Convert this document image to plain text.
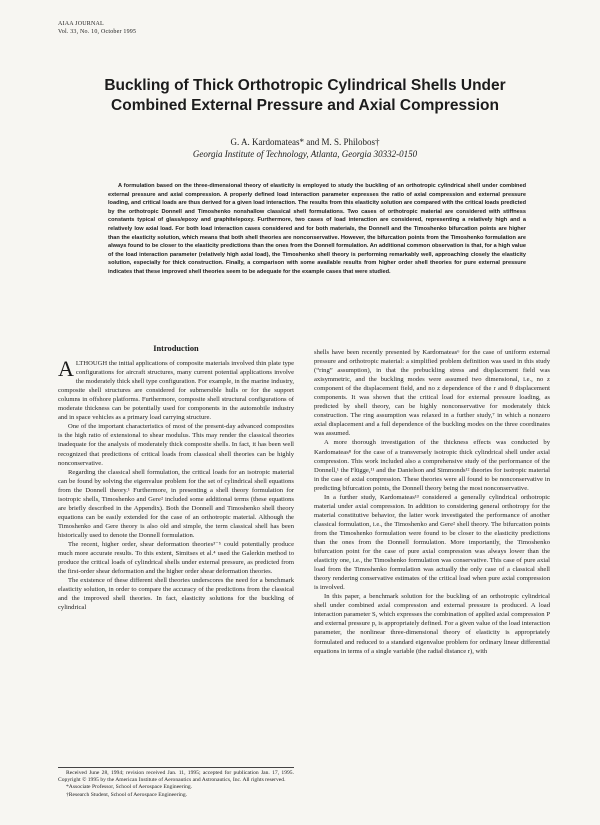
AIAA JOURNAL
Vol. 33, No. 10, October 1995
Buckling of Thick Orthotropic Cylindrical Shells Under
Combined External Pressure and Axial Compression
G. A. Kardomateas* and M. S. Philobos†
Georgia Institute of Technology, Atlanta, Georgia 30332-0150

A formulation based on the three-dimensional theory of elasticity is employed to study the buckling of an orthotropic cylindrical shell under combined external pressure and axial compression. A properly defined load interaction parameter expresses the ratio of axial compression and external pressure loading, and critical loads are thus derived for a given load interaction. The results from this elasticity solution are compared with the critical loads predicted by the orthotropic Donnell and Timoshenko nonshallow classical shell formulations. Two cases of orthotropic material are considered with stiffness constants typical of glass/epoxy and graphite/epoxy. Furthermore, two cases of load interaction are considered, representing a relatively high and a relatively low axial load. For both load interaction cases considered and for both materials, the Donnell and the Timoshenko bifurcation points are higher than the elasticity solution, which means that both shell theories are nonconservative. However, the bifurcation points from the Timoshenko formulation are always found to be closer to the elasticity predictions than the ones from the Donnell formulation. An additional common observation is that, for a high value of the load interaction parameter (relatively high axial load), the Timoshenko shell theory is performing remarkably well, approaching closely the elasticity solution, especially for thick construction. Finally, a comparison with some available results from higher order shell theories for pure external pressure indicates that these improved shell theories seem to be adequate for the example cases that were studied.

Introduction

ALTHOUGH the initial applications of composite materials involved thin plate type configurations for aircraft structures, many current potential applications involve the moderately thick shell type configuration. For example, in the marine industry, composite shell structures are considered for submersible hulls or for the support columns in offshore platforms. Furthermore, composite shell structural configurations of moderate thickness can be potentially used for components in the automobile industry and in space vehicles as a primary load carrying structure.

One of the important characteristics of most of the present-day advanced composites is the high ratio of extensional to shear modulus. This may render the classical theories inadequate for the analysis of moderately thick composite shells. In fact, it has been well recognized that predictions of critical loads from classical shell theories can be highly nonconservative.

Regarding the classical shell formulation, the critical loads for an isotropic material can be found by solving the eigenvalue problem for the set of cylindrical shell equations from the Donnell theory.¹ Furthermore, in presenting a shell theory formulation for isotropic shells, Timoshenko and Gere² included some additional terms (these equations are briefly described in the Appendix). Both the Donnell and Timoshenko shell theory equations can be easily extended for the case of an orthotropic material. Although the Timoshenko and Gere theory is also old and simple, the term classical shell has been historically used to denote the Donnell formulation.

The recent, higher order, shear deformation theories³⁻⁵ could potentially produce much more accurate results. To this extent, Simitses et al.⁴ used the Galerkin method to produce the critical loads of cylindrical shells under external pressure, as predicted from the first-order shear deformation and the higher order shear deformation theories.

The existence of these different shell theories underscores the need for a benchmark elasticity solution, in order to compare the accuracy of the predictions from the classical and the improved shell theories. In fact, elasticity solutions for the buckling of cylindrical

Received June 28, 1994; revision received Jan. 11, 1995; accepted for publication Jan. 17, 1995. Copyright © 1995 by the American Institute of Aeronautics and Astronautics, Inc. All rights reserved.

*Associate Professor, School of Aerospace Engineering.

†Research Student, School of Aerospace Engineering.

shells have been recently presented by Kardomateas⁶ for the case of uniform external pressure and orthotropic material: a simplified problem definition was used in this study (“ring” assumption), in that the prebuckling stress and displacement field was axisymmetric, and the buckling modes were assumed two dimensional, i.e., no z component of the displacement field, and no z dependence of the r and θ displacement components. It was shown that the critical load for external pressure loading, as predicted by shell theory, can be highly nonconservative for moderately thick construction. The ring assumption was relaxed in a further study,⁷ in which a nonzero axial displacement and a full dependence of the buckling modes on the three coordinates was assumed.

A more thorough investigation of the thickness effects was conducted by Kardomateas⁸ for the case of a transversely isotropic thick cylindrical shell under axial compression. This work included also a comprehensive study of the performance of the Donnell,¹ the Flügge,¹¹ and the Danielson and Simmonds¹² theories for isotropic material in the case of axial compression. These theories were all found to be nonconservative in predicting bifurcation points, the Donnell theory being the most nonconservative.

In a further study, Kardomateas¹³ considered a generally cylindrical orthotropic material under axial compression. In addition to considering general orthotropy for the material constitutive behavior, the latter work investigated the performance of another classical formulation, i.e., the Timoshenko and Gere² shell theory. The bifurcation points from the Timoshenko formulation were found to be closer to the elasticity predictions than the ones from the Donnell formulation. More importantly, the Timoshenko bifurcation point for the case of pure axial compression was always lower than the elasticity one, i.e., the Timoshenko formulation was conservative. This case of pure axial load from the Timoshenko formulation was actually the only case of a classical shell theory rendering conservative estimates of the critical load when pure axial compression is involved.

In this paper, a benchmark solution for the buckling of an orthotropic cylindrical shell under combined axial compression and external pressure is produced. A load interaction parameter S, which expresses the combination of applied axial compression P and external pressure p, is appropriately defined. For a given value of the load interaction parameter, the nonlinear three-dimensional theory of elasticity is appropriately formulated and reduced to a standard eigenvalue problem for ordinary linear differential equations in terms of a single variable (the radial distance r), with
